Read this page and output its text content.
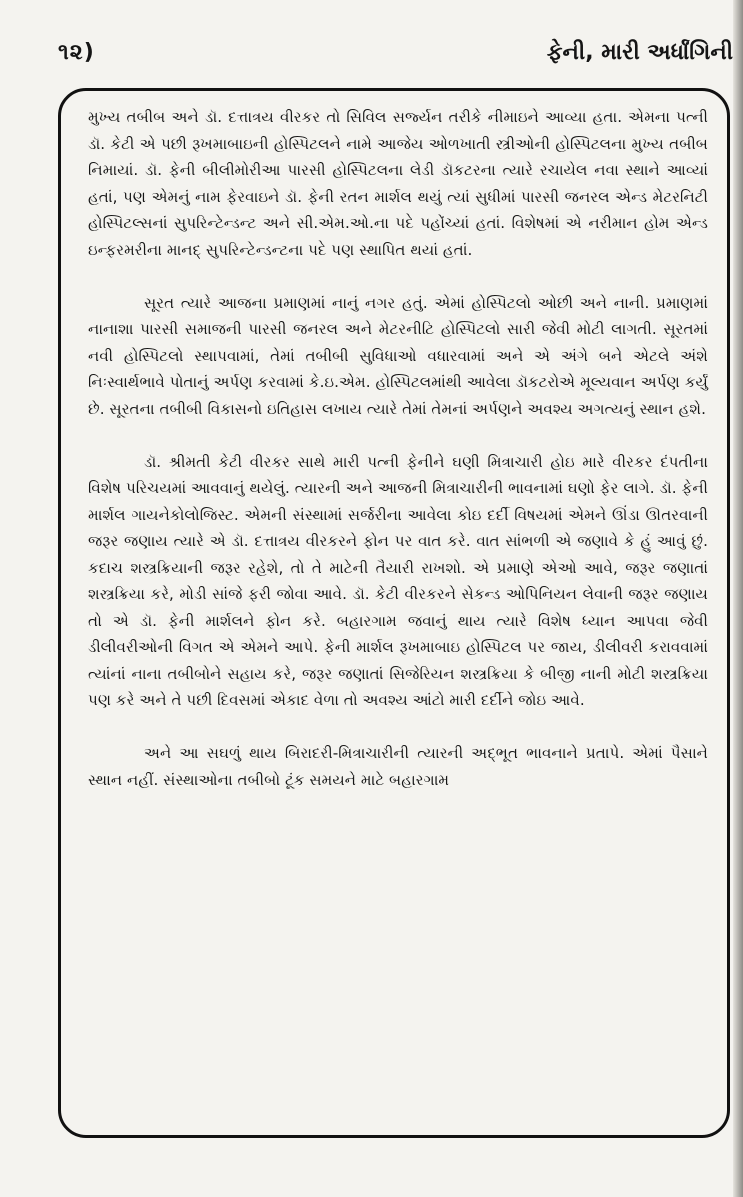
૧૨)	ફેની, મારી અર્ધાંગિની

મુખ્ય તબીબ અને ડૉ. દત્તાત્રય વીરકર તો સિવિલ સર્જ્યન તરીકે નીમાઇને આવ્યા હતા. એમના પત્ની ડૉ. કેટી એ પછી રૂખમાબાઇની હોસ્પિટલને નામે આજેય ઓળખાતી સ્ત્રીઓની હોસ્પિટલના મુખ્ય તબીબ નિમાયાં. ડૉ. ફેની બીલીમોરીઆ પારસી હોસ્પિટલના લેડી ડૉકટરના ત્યારે રચાયેલ નવા સ્થાને આવ્યાં હતાં, પણ એમનું નામ ફેરવાઇને ડૉ. ફેની રતન માર્શલ થયું ત્યાં સુધીમાં પારસી જનરલ એન્ડ મેટરનિટી હોસ્પિટલ્સનાં સુપરિન્ટેન્ડન્ટ અને સી.એમ.ઓ.ના પદે પહોંચ્યાં હતાં. વિશેષમાં એ નરીમાન હોમ એન્ડ ઇન્ફરમરીના માનદ્ સુપરિન્ટેન્ડન્ટના પદે પણ સ્થાપિત થયાં હતાં.

સૂરત ત્યારે આજના પ્રમાણમાં નાનું નગર હતું. એમાં હોસ્પિટલો ઓછી અને નાની. પ્રમાણમાં નાનાશા પારસી સમાજની પારસી જનરલ અને મેટરનીટિ હોસ્પિટલો સારી જેવી મોટી લાગતી. સૂરતમાં નવી હોસ્પિટલો સ્થાપવામાં, તેમાં તબીબી સુવિધાઓ વધારવામાં અને એ અંગે બને એટલે અંશે નિઃસ્વાર્થભાવે પોતાનું અર્પણ કરવામાં કે.ઇ.એમ. હોસ્પિટલમાંથી આવેલા ડૉકટરોએ મૂલ્યવાન અર્પણ કર્યું છે. સૂરતના તબીબી વિકાસનો ઇતિહાસ લખાય ત્યારે તેમાં તેમનાં અર્પણને અવશ્ય અગત્યનું સ્થાન હશે.

ડૉ. શ્રીમતી કેટી વીરકર સાથે મારી પત્ની ફેનીને ઘણી મિત્રાચારી હોઇ મારે વીરકર દંપતીના વિશેષ પરિચયમાં આવવાનું થયેલું. ત્યારની અને આજની મિત્રાચારીની ભાવનામાં ઘણો ફેર લાગે. ડૉ. ફેની માર્શલ ગાયનેકોલોજિસ્ટ. એમની સંસ્થામાં સર્જરીના આવેલા કોઇ દર્દી વિષયમાં એમને ઊંડા ઊતરવાની જરૂર જણાય ત્યારે એ ડૉ. દત્તાત્રય વીરકરને ફોન પર વાત કરે. વાત સાંભળી એ જણાવે કે હું આવું છું. કદાચ શસ્ત્રક્રિયાની જરૂર રહેશે, તો તે માટેની તૈયારી રાખશો. એ પ્રમાણે એઓ આવે, જરૂર જણાતાં શસ્ત્રક્રિયા કરે, મોડી સાંજે ફરી જોવા આવે. ડૉ. કેટી વીરકરને સેકન્ડ ઓપિનિયન લેવાની જરૂર જણાય તો એ ડૉ. ફેની માર્શલને ફોન કરે. બહારગામ જવાનું થાય ત્યારે વિશેષ ધ્યાન આપવા જેવી ડીલીવરીઓની વિગત એ એમને આપે. ફેની માર્શલ રૂખમાબાઇ હોસ્પિટલ પર જાય, ડીલીવરી કરાવવામાં ત્યાંનાં નાના તબીબોને સહાય કરે, જરૂર જણાતાં સિજેરિયન શસ્ત્રક્રિયા કે બીજી નાની મોટી શસ્ત્રક્રિયા પણ કરે અને તે પછી દિવસમાં એકાદ વેળા તો અવશ્ય આંટો મારી દર્દીને જોઇ આવે.

અને આ સઘળું થાય બિરાદરી-મિત્રાચારીની ત્યારની અદ્ભૂત ભાવનાને પ્રતાપે. એમાં પૈસાને સ્થાન નહીં. સંસ્થાઓના તબીબો ટૂંક સમયને માટે બહારગામ
